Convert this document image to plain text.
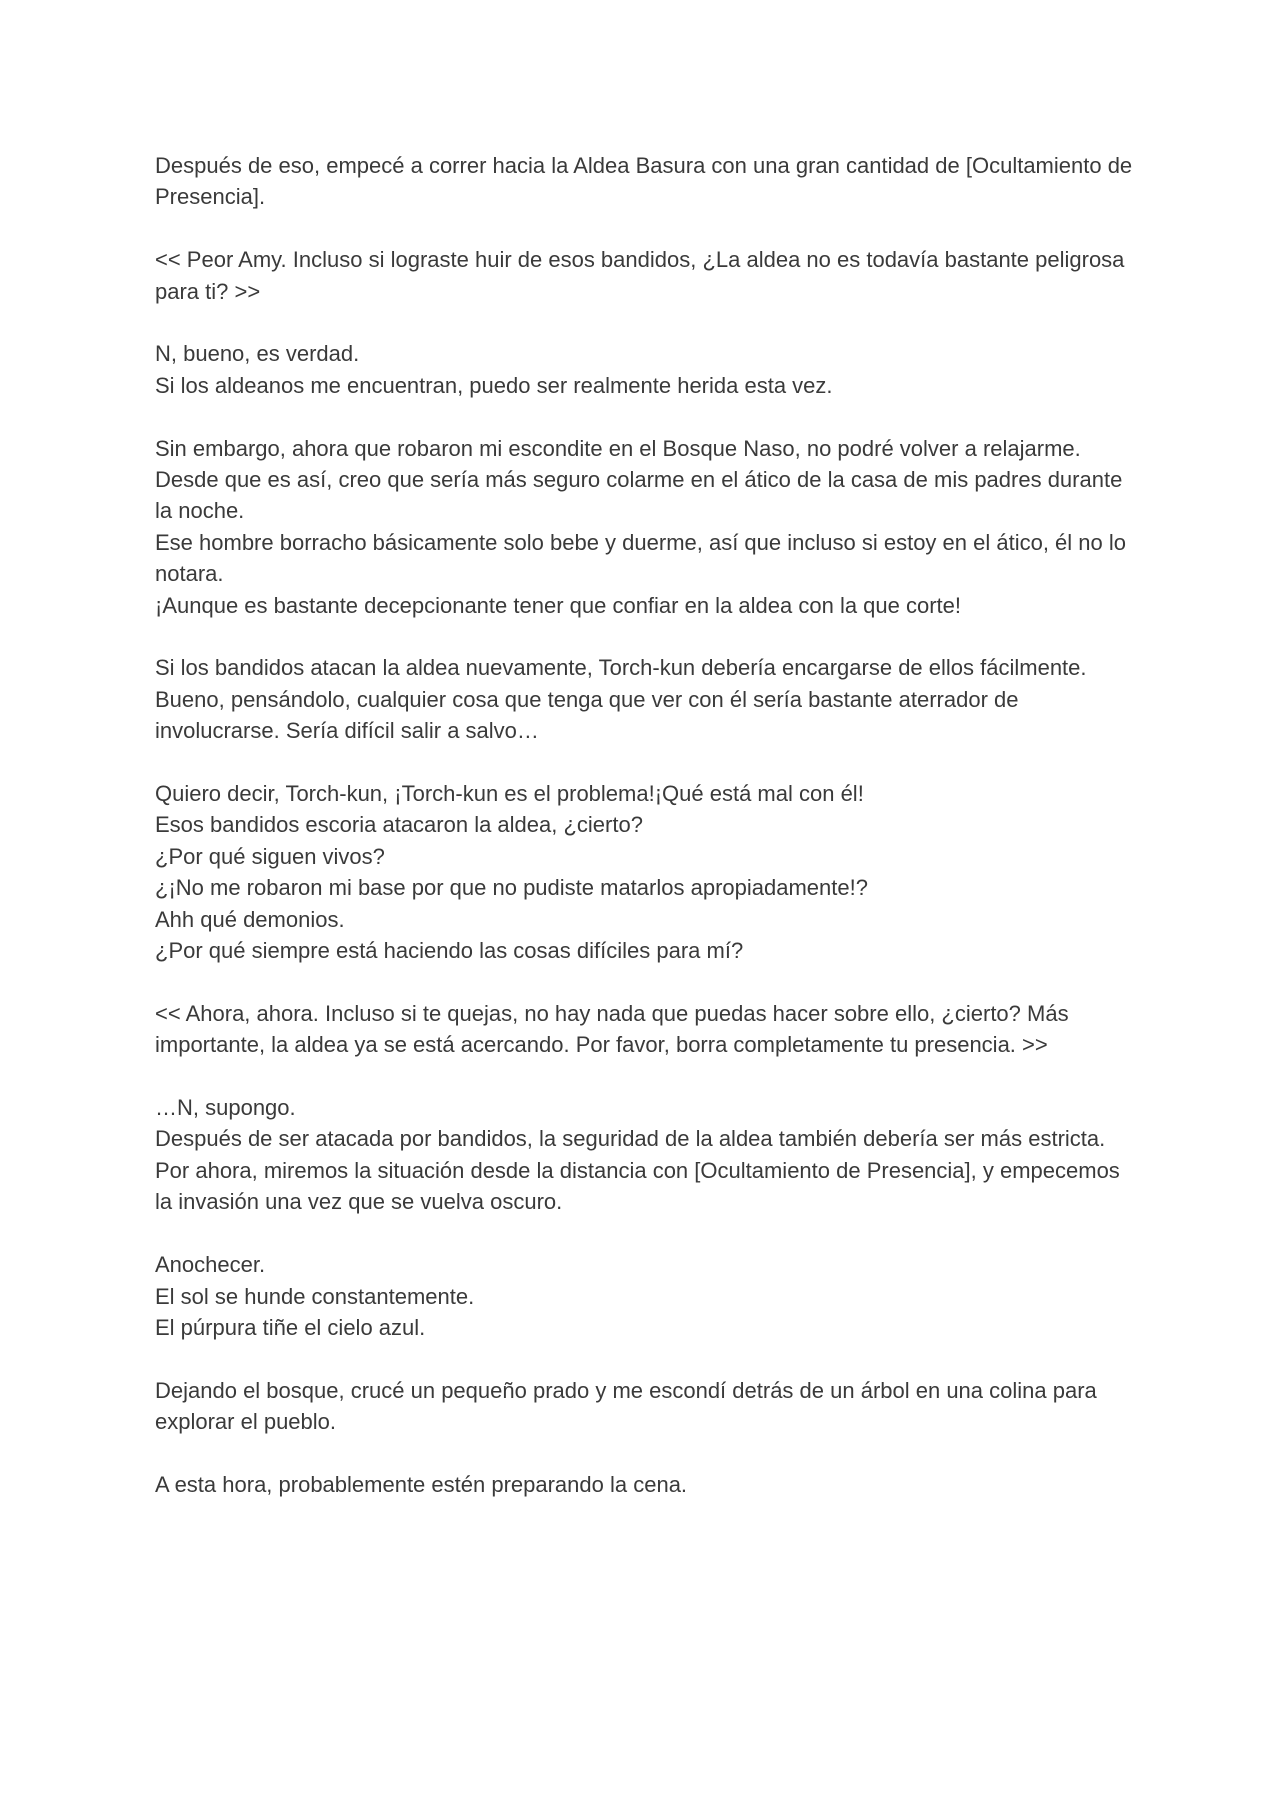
Después de eso, empecé a correr hacia la Aldea Basura con una gran cantidad de [Ocultamiento de Presencia].
<< Peor Amy. Incluso si lograste huir de esos bandidos, ¿La aldea no es todavía bastante peligrosa para ti? >>
N, bueno, es verdad.
Si los aldeanos me encuentran, puedo ser realmente herida esta vez.
Sin embargo, ahora que robaron mi escondite en el Bosque Naso, no podré volver a relajarme.
Desde que es así, creo que sería más seguro colarme en el ático de la casa de mis padres durante la noche.
Ese hombre borracho básicamente solo bebe y duerme, así que incluso si estoy en el ático, él no lo notara.
¡Aunque es bastante decepcionante tener que confiar en la aldea con la que corte!
Si los bandidos atacan la aldea nuevamente, Torch-kun debería encargarse de ellos fácilmente.
Bueno, pensándolo, cualquier cosa que tenga que ver con él sería bastante aterrador de involucrarse. Sería difícil salir a salvo…
Quiero decir, Torch-kun, ¡Torch-kun es el problema!¡Qué está mal con él!
Esos bandidos escoria atacaron la aldea, ¿cierto?
¿Por qué siguen vivos?
¿¡No me robaron mi base por que no pudiste matarlos apropiadamente!?
Ahh qué demonios.
¿Por qué siempre está haciendo las cosas difíciles para mí?
<< Ahora, ahora. Incluso si te quejas, no hay nada que puedas hacer sobre ello, ¿cierto? Más importante, la aldea ya se está acercando. Por favor, borra completamente tu presencia. >>
…N, supongo.
Después de ser atacada por bandidos, la seguridad de la aldea también debería ser más estricta.
Por ahora, miremos la situación desde la distancia con [Ocultamiento de Presencia], y empecemos la invasión una vez que se vuelva oscuro.
Anochecer.
El sol se hunde constantemente.
El púrpura tiñe el cielo azul.
Dejando el bosque, crucé un pequeño prado y me escondí detrás de un árbol en una colina para explorar el pueblo.
A esta hora, probablemente estén preparando la cena.
